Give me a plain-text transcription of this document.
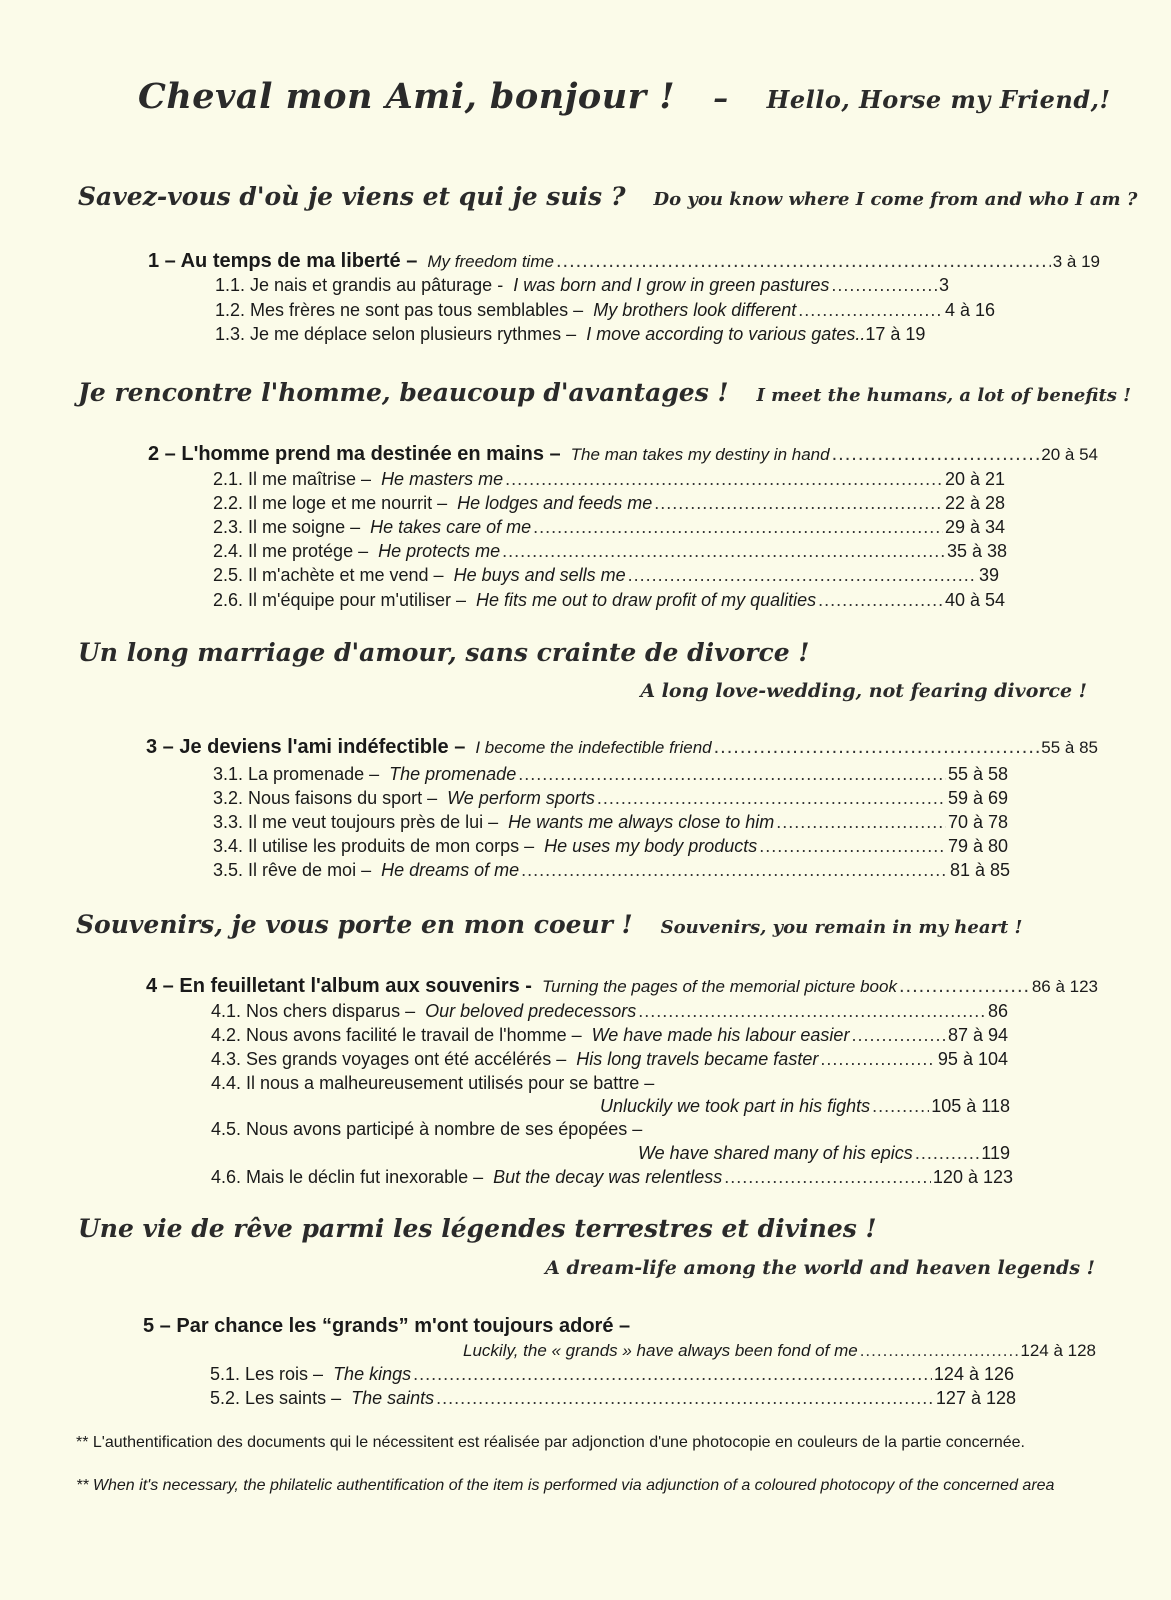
Cheval mon Ami, bonjour ! – Hello, Horse my Friend,!
Savez-vous d'où je viens et qui je suis ? Do you know where I come from and who I am ?
1 – Au temps de ma liberté – My freedom time .....	3 à 19
1.1. Je nais et grandis au pâturage - I was born and I grow in green pastures .....	3
1.2. Mes frères ne sont pas tous semblables – My brothers look different .....	4 à 16
1.3. Je me déplace selon plusieurs rythmes – I move according to various gates.. 17 à 19
Je rencontre l'homme, beaucoup d'avantages ! I meet the humans, a lot of benefits !
2 – L'homme prend ma destinée en mains – The man takes my destiny in hand .....	20 à 54
2.1. Il me maîtrise – He masters me .....	20 à 21
2.2. Il me loge et me nourrit – He lodges and feeds me .....	22 à 28
2.3. Il me soigne – He takes care of me .....	29 à 34
2.4. Il me protége – He protects me .....	35 à 38
2.5. Il m'achète et me vend – He buys and sells me .....	39
2.6. Il m'équipe pour m'utiliser – He fits me out to draw profit of my qualities .....	40 à 54
Un long marriage d'amour, sans crainte de divorce !
A long love-wedding, not fearing divorce !
3 – Je deviens l'ami indéfectible – I become the indefectible friend .....	55 à 85
3.1. La promenade – The promenade .....	55 à 58
3.2. Nous faisons du sport – We perform sports .....	59 à 69
3.3. Il me veut toujours près de lui – He wants me always close to him .....	70 à 78
3.4. Il utilise les produits de mon corps – He uses my body products .....	79 à 80
3.5. Il rêve de moi – He dreams of me .....	81 à 85
Souvenirs, je vous porte en mon coeur ! Souvenirs, you remain in my heart !
4 – En feuilletant l'album aux souvenirs - Turning the pages of the memorial picture book .....	86 à 123
4.1. Nos chers disparus – Our beloved predecessors .....	86
4.2. Nous avons facilité le travail de l'homme – We have made his labour easier .....	87 à 94
4.3. Ses grands voyages ont été accélérés – His long travels became faster .....	95 à 104
4.4. Il nous a malheureusement utilisés pour se battre –
Unluckily we took part in his fights .....	105 à 118
4.5. Nous avons participé à nombre de ses épopées –
We have shared many of his epics .....	119
4.6. Mais le déclin fut inexorable – But the decay was relentless .....	120 à 123
Une vie de rêve parmi les légendes terrestres et divines !
A dream-life among the world and heaven legends !
5 – Par chance les “grands” m'ont toujours adoré –
Luckily, the « grands » have always been fond of me .....	124 à 128
5.1. Les rois – The kings .....	124 à 126
5.2. Les saints – The saints .....	127 à 128
** L'authentification des documents qui le nécessitent est réalisée par adjonction d'une photocopie en couleurs de la partie concernée.
** When it's necessary, the philatelic authentification of the item is performed via adjunction of a coloured photocopy of the concerned area
